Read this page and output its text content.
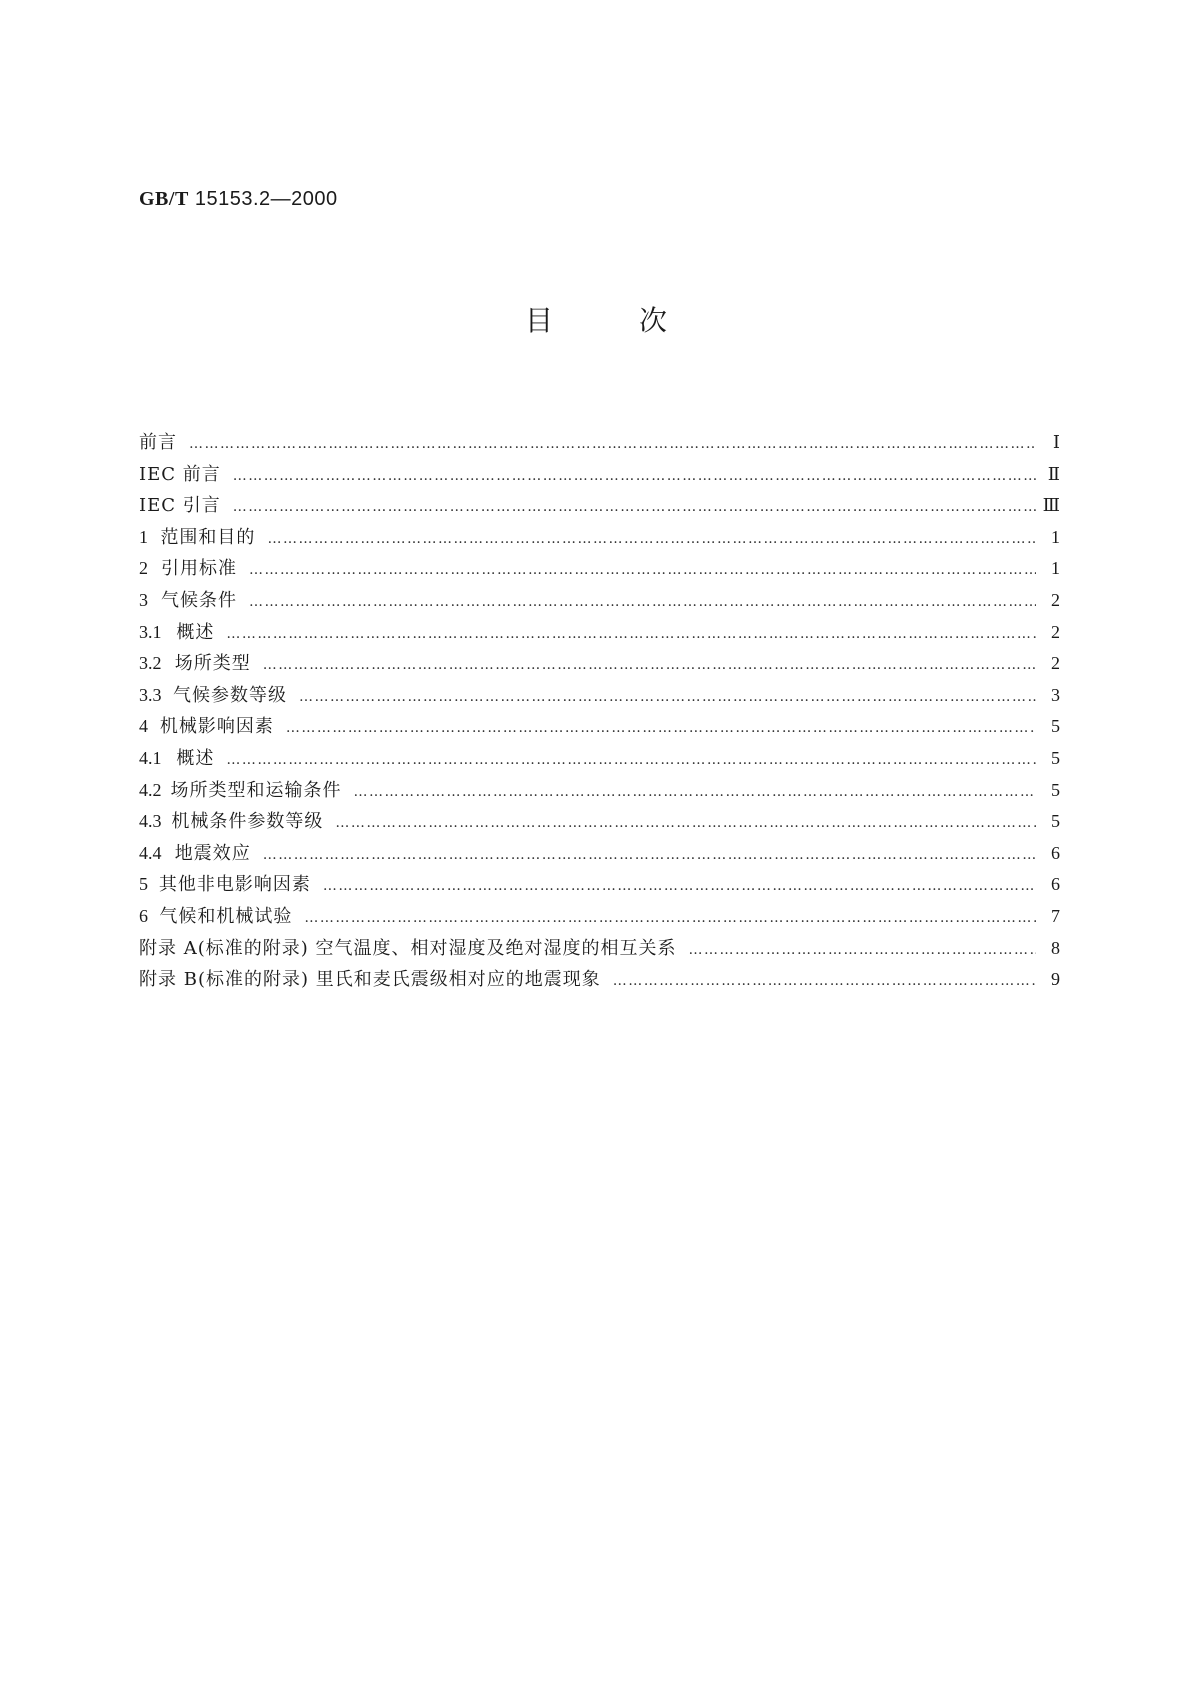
GB/T 15153.2—2000
目	次
前言 ……………………………………………………………………………………………………………………………………………………………………………………………………	Ⅰ
IEC 前言 ……………………………………………………………………………………………………………………………………………………………………………………………………	Ⅱ
IEC 引言 ……………………………………………………………………………………………………………………………………………………………………………………………………	Ⅲ
1 范围和目的 ……………………………………………………………………………………………………………………………………………………………………………………………………	1
2 引用标准 ……………………………………………………………………………………………………………………………………………………………………………………………………	1
3 气候条件 ……………………………………………………………………………………………………………………………………………………………………………………………………	2
3.1 概述 ……………………………………………………………………………………………………………………………………………………………………………………………………	2
3.2 场所类型 ……………………………………………………………………………………………………………………………………………………………………………………………………	2
3.3 气候参数等级 ……………………………………………………………………………………………………………………………………………………………………………………………………	3
4 机械影响因素 ……………………………………………………………………………………………………………………………………………………………………………………………………	5
4.1 概述 ……………………………………………………………………………………………………………………………………………………………………………………………………	5
4.2 场所类型和运输条件 ……………………………………………………………………………………………………………………………………………………………………………………………………	5
4.3 机械条件参数等级 ……………………………………………………………………………………………………………………………………………………………………………………………………	5
4.4 地震效应 ……………………………………………………………………………………………………………………………………………………………………………………………………	6
5 其他非电影响因素 ……………………………………………………………………………………………………………………………………………………………………………………………………	6
6 气候和机械试验 ……………………………………………………………………………………………………………………………………………………………………………………………………	7
附录 A(标准的附录) 空气温度、相对湿度及绝对湿度的相互关系 ……………………………………………………………………………………………………………………………………………………………………………………………………	8
附录 B(标准的附录) 里氏和麦氏震级相对应的地震现象 ……………………………………………………………………………………………………………………………………………………………………………………………………	9
